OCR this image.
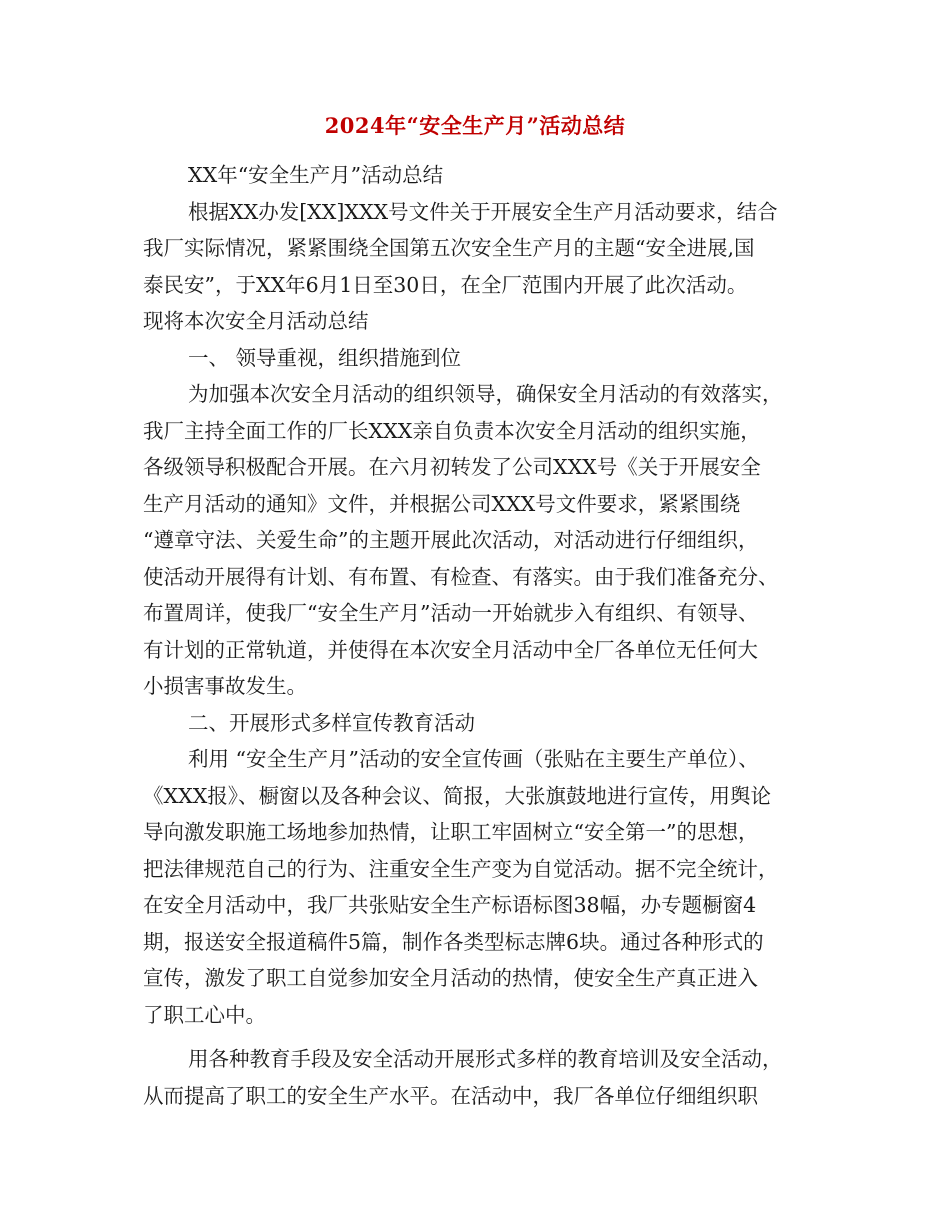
2024年“安全生产月”活动总结
XX年“安全生产月”活动总结
根据XX办发[XX]XXX号文件关于开展安全生产月活动要求，结合
我厂实际情况，紧紧围绕全国第五次安全生产月的主题“安全进展,国
泰民安”，于XX年6月1日至30日，在全厂范围内开展了此次活动。
现将本次安全月活动总结
一、 领导重视，组织措施到位
为加强本次安全月活动的组织领导，确保安全月活动的有效落实，
我厂主持全面工作的厂长XXX亲自负责本次安全月活动的组织实施，
各级领导积极配合开展。在六月初转发了公司XXX号《关于开展安全
生产月活动的通知》文件，并根据公司XXX号文件要求，紧紧围绕
“遵章守法、关爱生命”的主题开展此次活动，对活动进行仔细组织，
使活动开展得有计划、有布置、有检查、有落实。由于我们准备充分、
布置周详，使我厂“安全生产月”活动一开始就步入有组织、有领导、
有计划的正常轨道，并使得在本次安全月活动中全厂各单位无任何大
小损害事故发生。
二、开展形式多样宣传教育活动
利用 “安全生产月”活动的安全宣传画（张贴在主要生产单位）、
《XXX报》、橱窗以及各种会议、简报，大张旗鼓地进行宣传，用舆论
导向激发职施工场地参加热情，让职工牢固树立“安全第一”的思想，
把法律规范自己的行为、注重安全生产变为自觉活动。据不完全统计，
在安全月活动中，我厂共张贴安全生产标语标图38幅，办专题橱窗4
期，报送安全报道稿件5篇，制作各类型标志牌6块。通过各种形式的
宣传，激发了职工自觉参加安全月活动的热情，使安全生产真正进入
了职工心中。
用各种教育手段及安全活动开展形式多样的教育培训及安全活动，
从而提高了职工的安全生产水平。在活动中，我厂各单位仔细组织职
